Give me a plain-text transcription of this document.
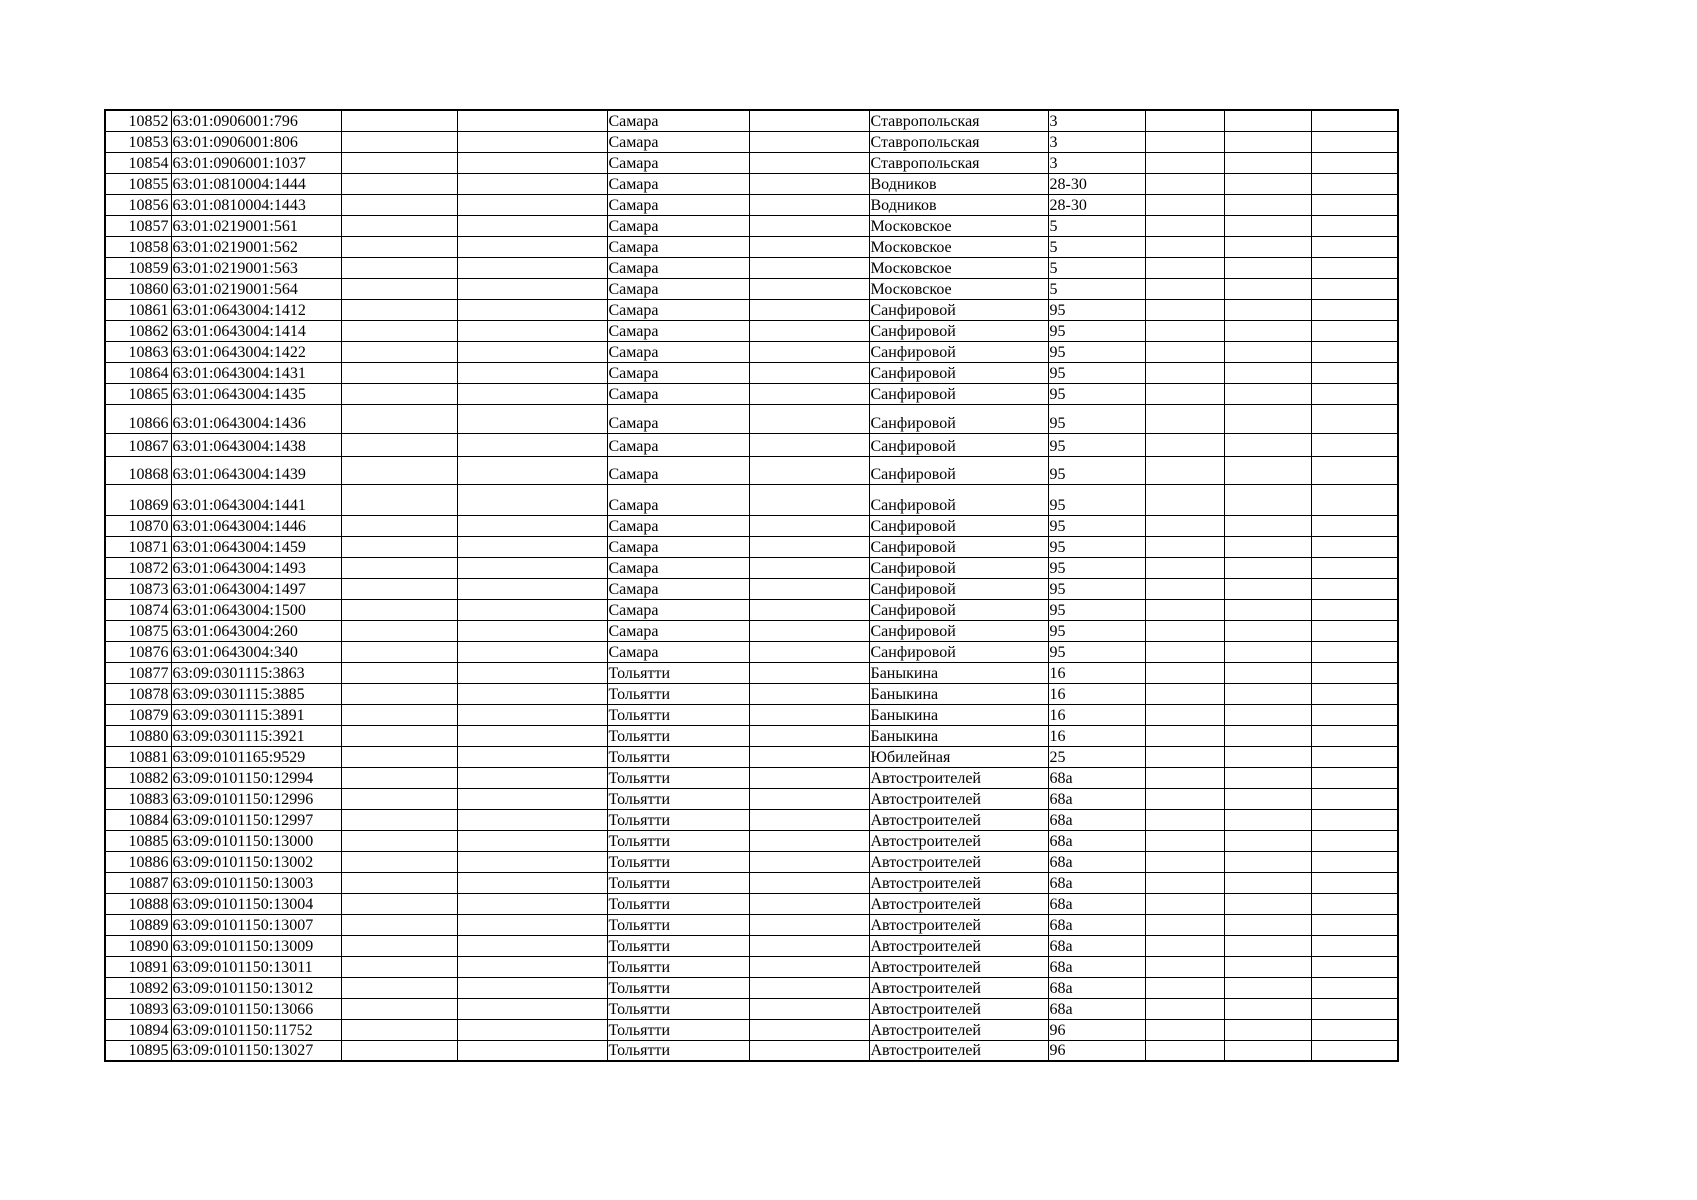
10852	63:01:0906001:796			Самара		Ставропольская	3			
10853	63:01:0906001:806			Самара		Ставропольская	3			
10854	63:01:0906001:1037			Самара		Ставропольская	3			
10855	63:01:0810004:1444			Самара		Водников	28-30			
10856	63:01:0810004:1443			Самара		Водников	28-30			
10857	63:01:0219001:561			Самара		Московское	5			
10858	63:01:0219001:562			Самара		Московское	5			
10859	63:01:0219001:563			Самара		Московское	5			
10860	63:01:0219001:564			Самара		Московское	5			
10861	63:01:0643004:1412			Самара		Санфировой	95			
10862	63:01:0643004:1414			Самара		Санфировой	95			
10863	63:01:0643004:1422			Самара		Санфировой	95			
10864	63:01:0643004:1431			Самара		Санфировой	95			
10865	63:01:0643004:1435			Самара		Санфировой	95			
10866	63:01:0643004:1436			Самара		Санфировой	95			
10867	63:01:0643004:1438			Самара		Санфировой	95			
10868	63:01:0643004:1439			Самара		Санфировой	95			
10869	63:01:0643004:1441			Самара		Санфировой	95			
10870	63:01:0643004:1446			Самара		Санфировой	95			
10871	63:01:0643004:1459			Самара		Санфировой	95			
10872	63:01:0643004:1493			Самара		Санфировой	95			
10873	63:01:0643004:1497			Самара		Санфировой	95			
10874	63:01:0643004:1500			Самара		Санфировой	95			
10875	63:01:0643004:260			Самара		Санфировой	95			
10876	63:01:0643004:340			Самара		Санфировой	95			
10877	63:09:0301115:3863			Тольятти		Баныкина	16			
10878	63:09:0301115:3885			Тольятти		Баныкина	16			
10879	63:09:0301115:3891			Тольятти		Баныкина	16			
10880	63:09:0301115:3921			Тольятти		Баныкина	16			
10881	63:09:0101165:9529			Тольятти		Юбилейная	25			
10882	63:09:0101150:12994			Тольятти		Автостроителей	68а			
10883	63:09:0101150:12996			Тольятти		Автостроителей	68а			
10884	63:09:0101150:12997			Тольятти		Автостроителей	68а			
10885	63:09:0101150:13000			Тольятти		Автостроителей	68а			
10886	63:09:0101150:13002			Тольятти		Автостроителей	68а			
10887	63:09:0101150:13003			Тольятти		Автостроителей	68а			
10888	63:09:0101150:13004			Тольятти		Автостроителей	68а			
10889	63:09:0101150:13007			Тольятти		Автостроителей	68а			
10890	63:09:0101150:13009			Тольятти		Автостроителей	68а			
10891	63:09:0101150:13011			Тольятти		Автостроителей	68а			
10892	63:09:0101150:13012			Тольятти		Автостроителей	68а			
10893	63:09:0101150:13066			Тольятти		Автостроителей	68а			
10894	63:09:0101150:11752			Тольятти		Автостроителей	96			
10895	63:09:0101150:13027			Тольятти		Автостроителей	96			
